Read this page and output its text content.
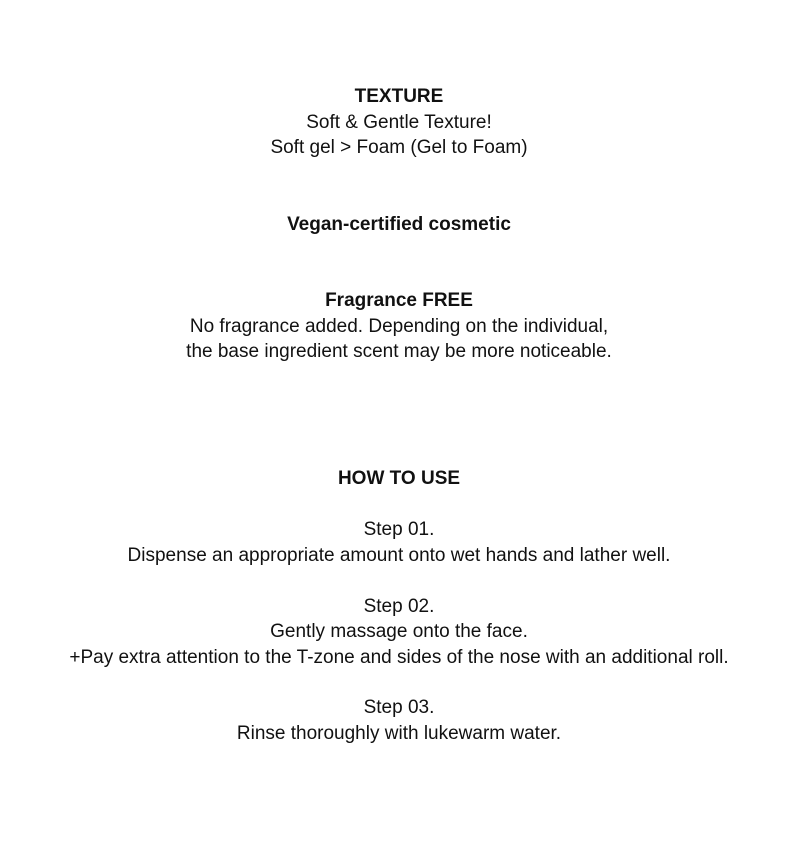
TEXTURE

Soft & Gentle Texture!

Soft gel > Foam (Gel to Foam)

Vegan-certified cosmetic
Fragrance FREE

No fragrance added. Depending on the individual,

the base ingredient scent may be more noticeable.

HOW TO USE

Step 01.

Dispense an appropriate amount onto wet hands and lather well.

Step 02.

Gently massage onto the face.

+Pay extra attention to the T-zone and sides of the nose with an additional roll.

Step 03.

Rinse thoroughly with lukewarm water.
